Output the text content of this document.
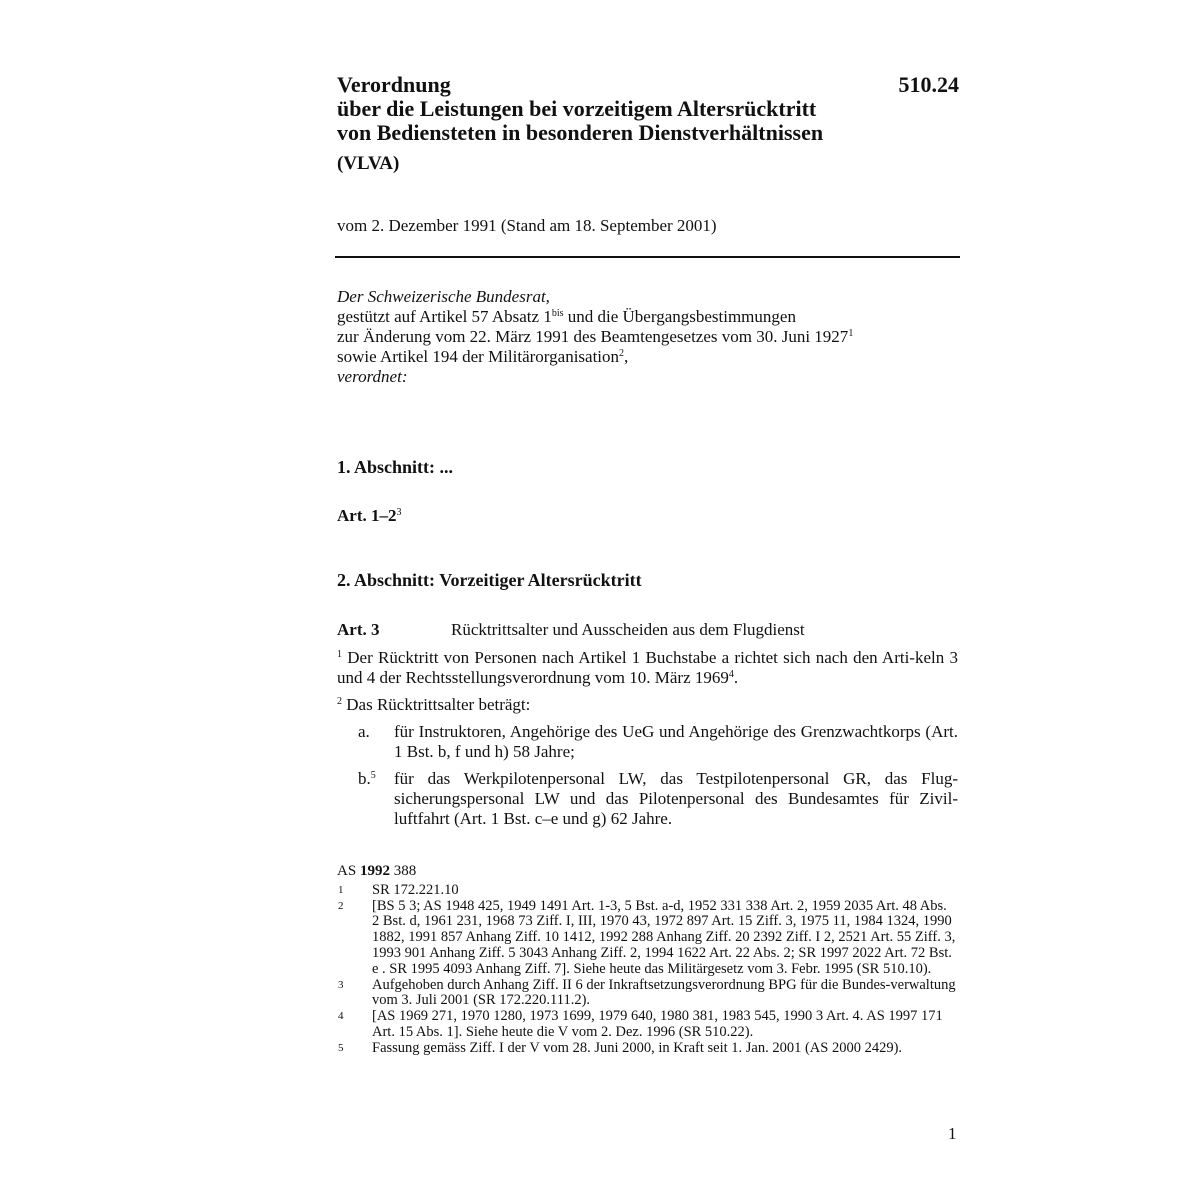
Verordnung	510.24
über die Leistungen bei vorzeitigem Altersrücktritt
von Bediensteten in besonderen Dienstverhältnissen
(VLVA)
vom 2. Dezember 1991 (Stand am 18. September 2001)

Der Schweizerische Bundesrat,

gestützt auf Artikel 57 Absatz $1^{bis}$ und die Übergangsbestimmungen

zur Änderung vom 22. März 1991 des Beamtengesetzes vom 30. Juni 1927$^1$

sowie Artikel 194 der Militärorganisation$^2$,

verordnet:

1. Abschnitt: ...
Art. $1-2^3$
2. Abschnitt: Vorzeitiger Altersrücktritt
Art. 3	Rücktrittsalter und Ausscheiden aus dem Flugdienst

$^1$ Der Rücktritt von Personen nach Artikel 1 Buchstabe a richtet sich nach den Arti-keln 3 und 4 der Rechtsstellungsverordnung vom 10. März 1969$^4$.

$^2$ Das Rücktrittsalter beträgt:

a.	für Instruktoren, Angehörige des UeG und Angehörige des Grenzwachtkorps (Art. 1 Bst. b, f und h) 58 Jahre;
b.$^5$	für das Werkpilotenpersonal LW, das Testpilotenpersonal GR, das Flug-sicherungspersonal LW und das Pilotenpersonal des Bundesamtes für Zivil-luftfahrt (Art. 1 Bst. c–e und g) 62 Jahre.
AS 1992 388
1	SR 172.221.10
2	[BS 5 3; AS 1948 425, 1949 1491 Art. 1-3, 5 Bst. a-d, 1952 331 338 Art. 2, 1959 2035 Art. 48 Abs. 2 Bst. d, 1961 231, 1968 73 Ziff. I, III, 1970 43, 1972 897 Art. 15 Ziff. 3, 1975 11, 1984 1324, 1990 1882, 1991 857 Anhang Ziff. 10 1412, 1992 288 Anhang Ziff. 20 2392 Ziff. I 2, 2521 Art. 55 Ziff. 3, 1993 901 Anhang Ziff. 5 3043 Anhang Ziff. 2, 1994 1622 Art. 22 Abs. 2; SR 1997 2022 Art. 72 Bst. e . SR 1995 4093 Anhang Ziff. 7]. Siehe heute das Militärgesetz vom 3. Febr. 1995 (SR 510.10).
3	Aufgehoben durch Anhang Ziff. II 6 der Inkraftsetzungsverordnung BPG für die Bundes-verwaltung vom 3. Juli 2001 (SR 172.220.111.2).
4	[AS 1969 271, 1970 1280, 1973 1699, 1979 640, 1980 381, 1983 545, 1990 3 Art. 4. AS 1997 171 Art. 15 Abs. 1]. Siehe heute die V vom 2. Dez. 1996 (SR 510.22).
5	Fassung gemäss Ziff. I der V vom 28. Juni 2000, in Kraft seit 1. Jan. 2001 (AS 2000 2429).
1
